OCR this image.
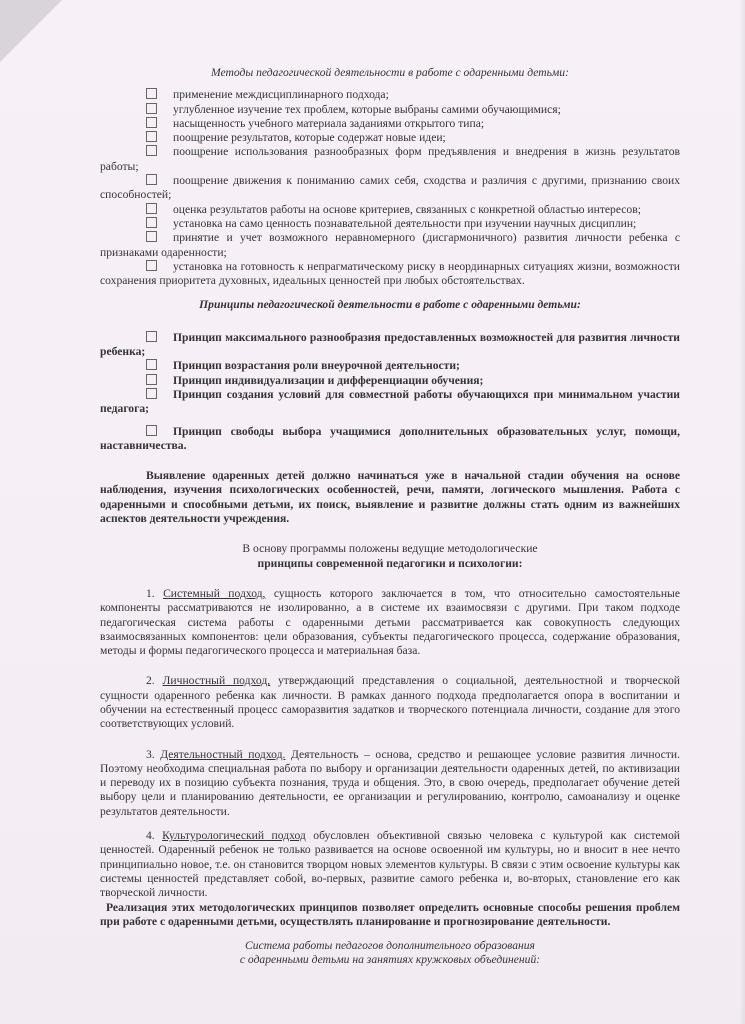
Методы педагогической деятельности в работе с одаренными детьми:
применение междисциплинарного подхода;
углубленное изучение тех проблем, которые выбраны самими обучающимися;
насыщенность учебного материала заданиями открытого типа;
поощрение результатов, которые содержат новые идеи;
поощрение использования разнообразных форм предъявления и внедрения в жизнь результатов работы;
поощрение движения к пониманию самих себя, сходства и различия с другими, признанию своих способностей;
оценка результатов работы на основе критериев, связанных с конкретной областью интересов;
установка на само ценность познавательной деятельности при изучении научных дисциплин;
принятие и учет возможного неравномерного (дисгармоничного) развития личности ребенка с признаками одаренности;
установка на готовность к непрагматическому риску в неординарных ситуациях жизни, возможности сохранения приоритета духовных, идеальных ценностей при любых обстоятельствах.
Принципы педагогической деятельности в работе с одаренными детьми:
Принцип максимального разнообразия предоставленных возможностей для развития личности ребенка;
Принцип возрастания роли внеурочной деятельности;
Принцип индивидуализации и дифференциации обучения;
Принцип создания условий для совместной работы обучающихся при минимальном участии педагога;
Принцип свободы выбора учащимися дополнительных образовательных услуг, помощи, наставничества.

Выявление одаренных детей должно начинаться уже в начальной стадии обучения на основе наблюдения, изучения психологических особенностей, речи, памяти, логического мышления. Работа с одаренными и способными детьми, их поиск, выявление и развитие должны стать одним из важнейших аспектов деятельности учреждения.

В основу программы положены ведущие методологические
принципы современной педагогики и психологии:

1. Системный подход, сущность которого заключается в том, что относительно самостоятельные компоненты рассматриваются не изолированно, а в системе их взаимосвязи с другими. При таком подходе педагогическая система работы с одаренными детьми рассматривается как совокупность следующих взаимосвязанных компонентов: цели образования, субъекты педагогического процесса, содержание образования, методы и формы педагогического процесса и материальная база.

2. Личностный подход, утверждающий представления о социальной, деятельностной и творческой сущности одаренного ребенка как личности. В рамках данного подхода предполагается опора в воспитании и обучении на естественный процесс саморазвития задатков и творческого потенциала личности, создание для этого соответствующих условий.

3. Деятельностный подход. Деятельность – основа, средство и решающее условие развития личности. Поэтому необходима специальная работа по выбору и организации деятельности одаренных детей, по активизации и переводу их в позицию субъекта познания, труда и общения. Это, в свою очередь, предполагает обучение детей выбору цели и планированию деятельности, ее организации и регулированию, контролю, самоанализу и оценке результатов деятельности.

4. Культурологический подход обусловлен объективной связью человека с культурой как системой ценностей. Одаренный ребенок не только развивается на основе освоенной им культуры, но и вносит в нее нечто принципиально новое, т.е. он становится творцом новых элементов культуры. В связи с этим освоение культуры как системы ценностей представляет собой, во-первых, развитие самого ребенка и, во-вторых, становление его как творческой личности.

Реализация этих методологических принципов позволяет определить основные способы решения проблем при работе с одаренными детьми, осуществлять планирование и прогнозирование деятельности.

Система работы педагогов дополнительного образования
с одаренными детьми на занятиях кружковых объединений:
